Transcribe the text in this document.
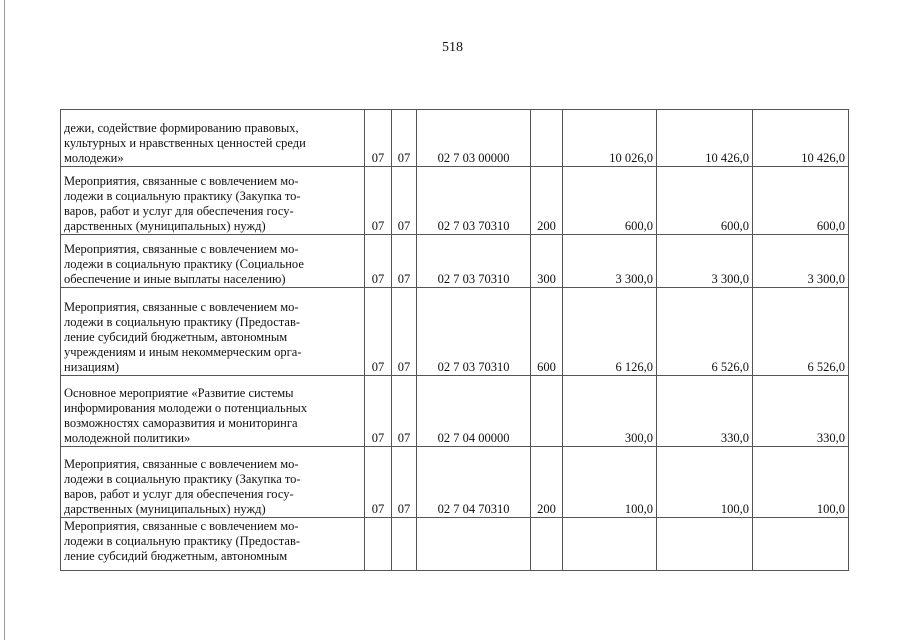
518
дежи, содействие формированию правовых,
культурных и нравственных ценностей среди
молодежи»	07	07	02 7 03 00000		10 026,0	10 426,0	10 426,0

Мероприятия, связанные с вовлечением мо-
лодежи в социальную практику (Закупка то-
варов, работ и услуг для обеспечения госу-
дарственных (муниципальных) нужд)	07	07	02 7 03 70310	200	600,0	600,0	600,0

Мероприятия, связанные с вовлечением мо-
лодежи в социальную практику (Социальное
обеспечение и иные выплаты населению)	07	07	02 7 03 70310	300	3 300,0	3 300,0	3 300,0

Мероприятия, связанные с вовлечением мо-
лодежи в социальную практику (Предостав-
ление субсидий бюджетным, автономным
учреждениям и иным некоммерческим орга-
низациям)	07	07	02 7 03 70310	600	6 126,0	6 526,0	6 526,0

Основное мероприятие «Развитие системы
информирования молодежи о потенциальных
возможностях саморазвития и мониторинга
молодежной политики»	07	07	02 7 04 00000		300,0	330,0	330,0

Мероприятия, связанные с вовлечением мо-
лодежи в социальную практику (Закупка то-
варов, работ и услуг для обеспечения госу-
дарственных (муниципальных) нужд)	07	07	02 7 04 70310	200	100,0	100,0	100,0

Мероприятия, связанные с вовлечением мо-
лодежи в социальную практику (Предостав-
ление субсидий бюджетным, автономным							
